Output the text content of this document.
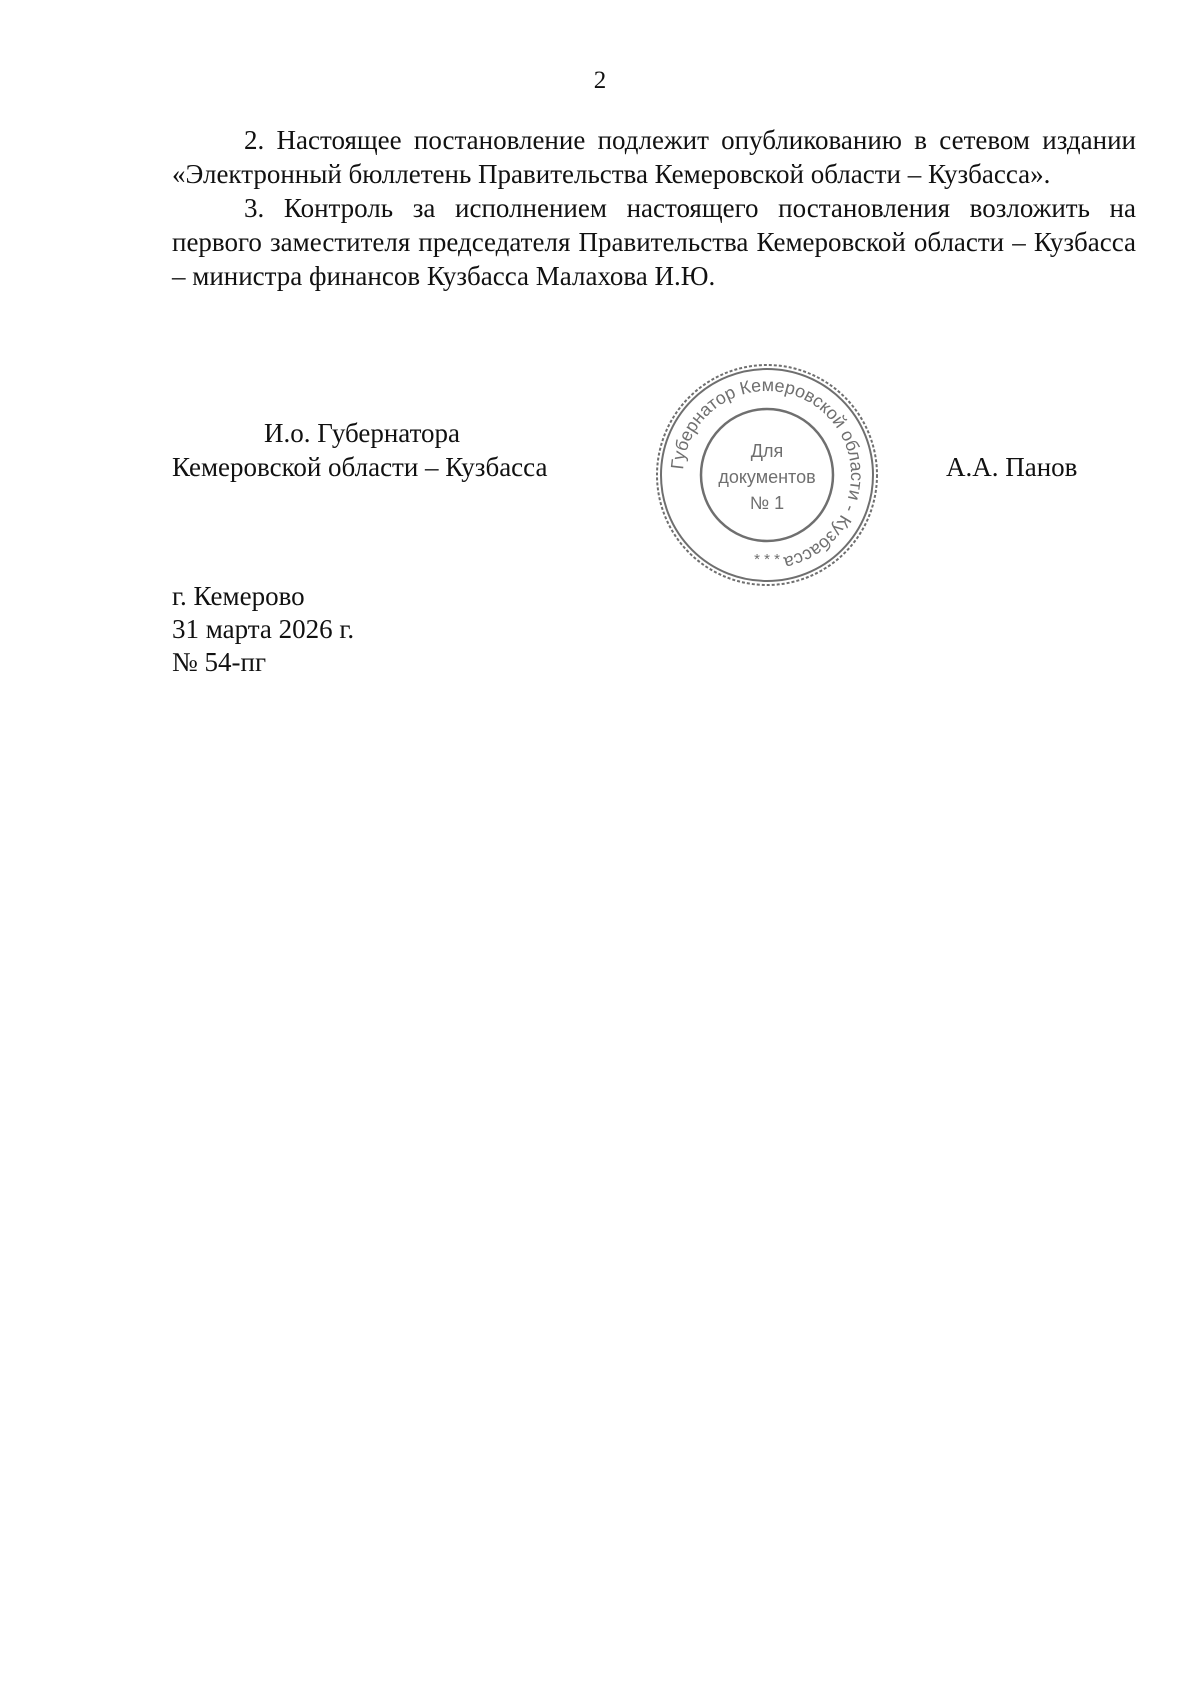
2

2. Настоящее постановление подлежит опубликованию в сетевом издании «Электронный бюллетень Правительства Кемеровской области – Кузбасса».

3. Контроль за исполнением настоящего постановления возложить на первого заместителя председателя Правительства Кемеровской области – Кузбасса – министра финансов Кузбасса Малахова И.Ю.

И.о. Губернатора
Кемеровской области – Кузбасса	Губернатор Кемеровской области - Кузбасса
Для
документов
№ 1
* * *
А.А. Панов
г. Кемерово
31 марта 2026 г.
№ 54-пг
